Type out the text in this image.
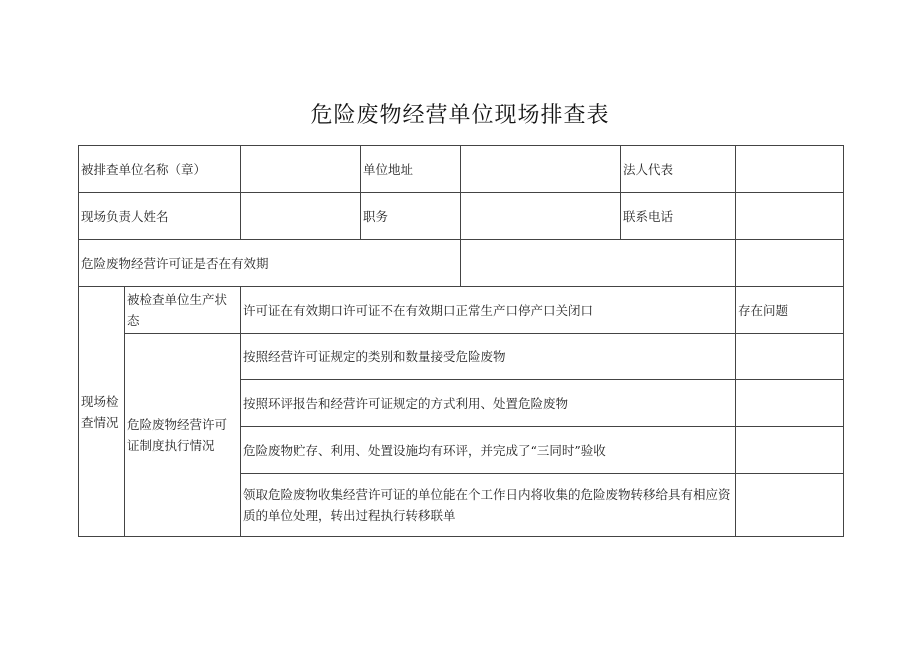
危险废物经营单位现场排查表
被排查单位名称（章）			单位地址		法人代表	
现场负责人姓名			职务		联系电话	
危险废物经营许可证是否在有效期						
现场检查情况	被检查单位生产状态	许可证在有效期口许可证不在有效期口正常生产口停产口关闭口				存在问题
	危险废物经营许可证制度执行情况	按照经营许可证规定的类别和数量接受危险废物				
		按照环评报告和经营许可证规定的方式利用、处置危险废物				
		危险废物贮存、利用、处置设施均有环评，并完成了“三同时”验收				
		领取危险废物收集经营许可证的单位能在个工作日内将收集的危险废物转移给具有相应资质的单位处理，转出过程执行转移联单				
